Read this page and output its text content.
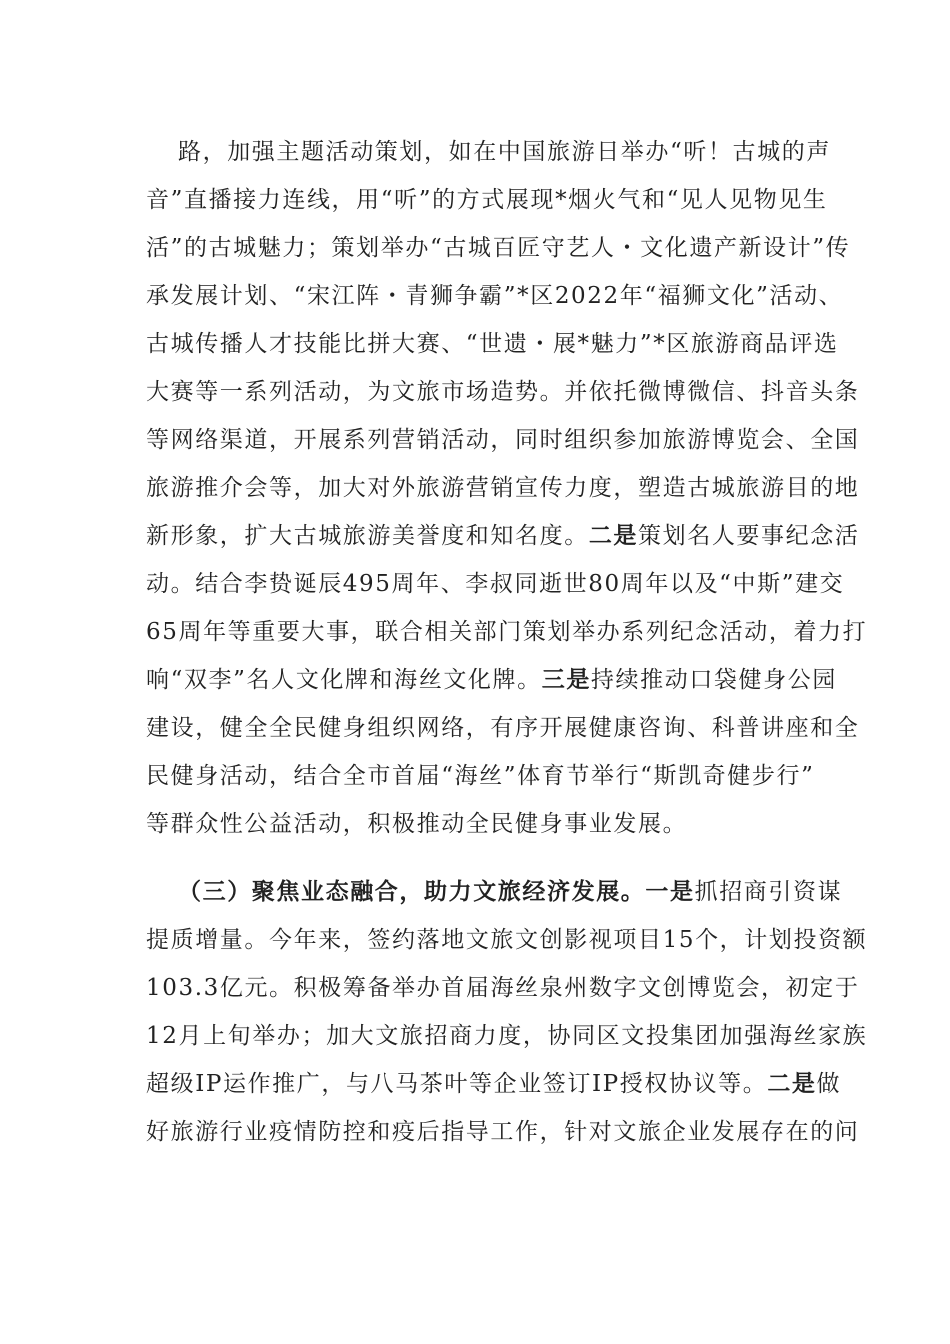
路，加强主题活动策划，如在中国旅游日举办“听！古城的声
音”直播接力连线，用“听”的方式展现*烟火气和“见人见物见生
活”的古城魅力；策划举办“古城百匠守艺人・文化遗产新设计”传
承发展计划、“宋江阵・青狮争霸”*区2022年“福狮文化”活动、
古城传播人才技能比拼大赛、“世遗・展*魅力”*区旅游商品评选
大赛等一系列活动，为文旅市场造势。并依托微博微信、抖音头条
等网络渠道，开展系列营销活动，同时组织参加旅游博览会、全国
旅游推介会等，加大对外旅游营销宣传力度，塑造古城旅游目的地
新形象，扩大古城旅游美誉度和知名度。二是策划名人要事纪念活
动。结合李贽诞辰495周年、李叔同逝世80周年以及“中斯”建交
65周年等重要大事，联合相关部门策划举办系列纪念活动，着力打
响“双李”名人文化牌和海丝文化牌。三是持续推动口袋健身公园
建设，健全全民健身组织网络，有序开展健康咨询、科普讲座和全
民健身活动，结合全市首届“海丝”体育节举行“斯凯奇健步行”
等群众性公益活动，积极推动全民健身事业发展。
（三）聚焦业态融合，助力文旅经济发展。一是抓招商引资谋
提质增量。今年来，签约落地文旅文创影视项目15个，计划投资额
103.3亿元。积极筹备举办首届海丝泉州数字文创博览会，初定于
12月上旬举办；加大文旅招商力度，协同区文投集团加强海丝家族
超级IP运作推广，与八马茶叶等企业签订IP授权协议等。二是做
好旅游行业疫情防控和疫后指导工作，针对文旅企业发展存在的问
